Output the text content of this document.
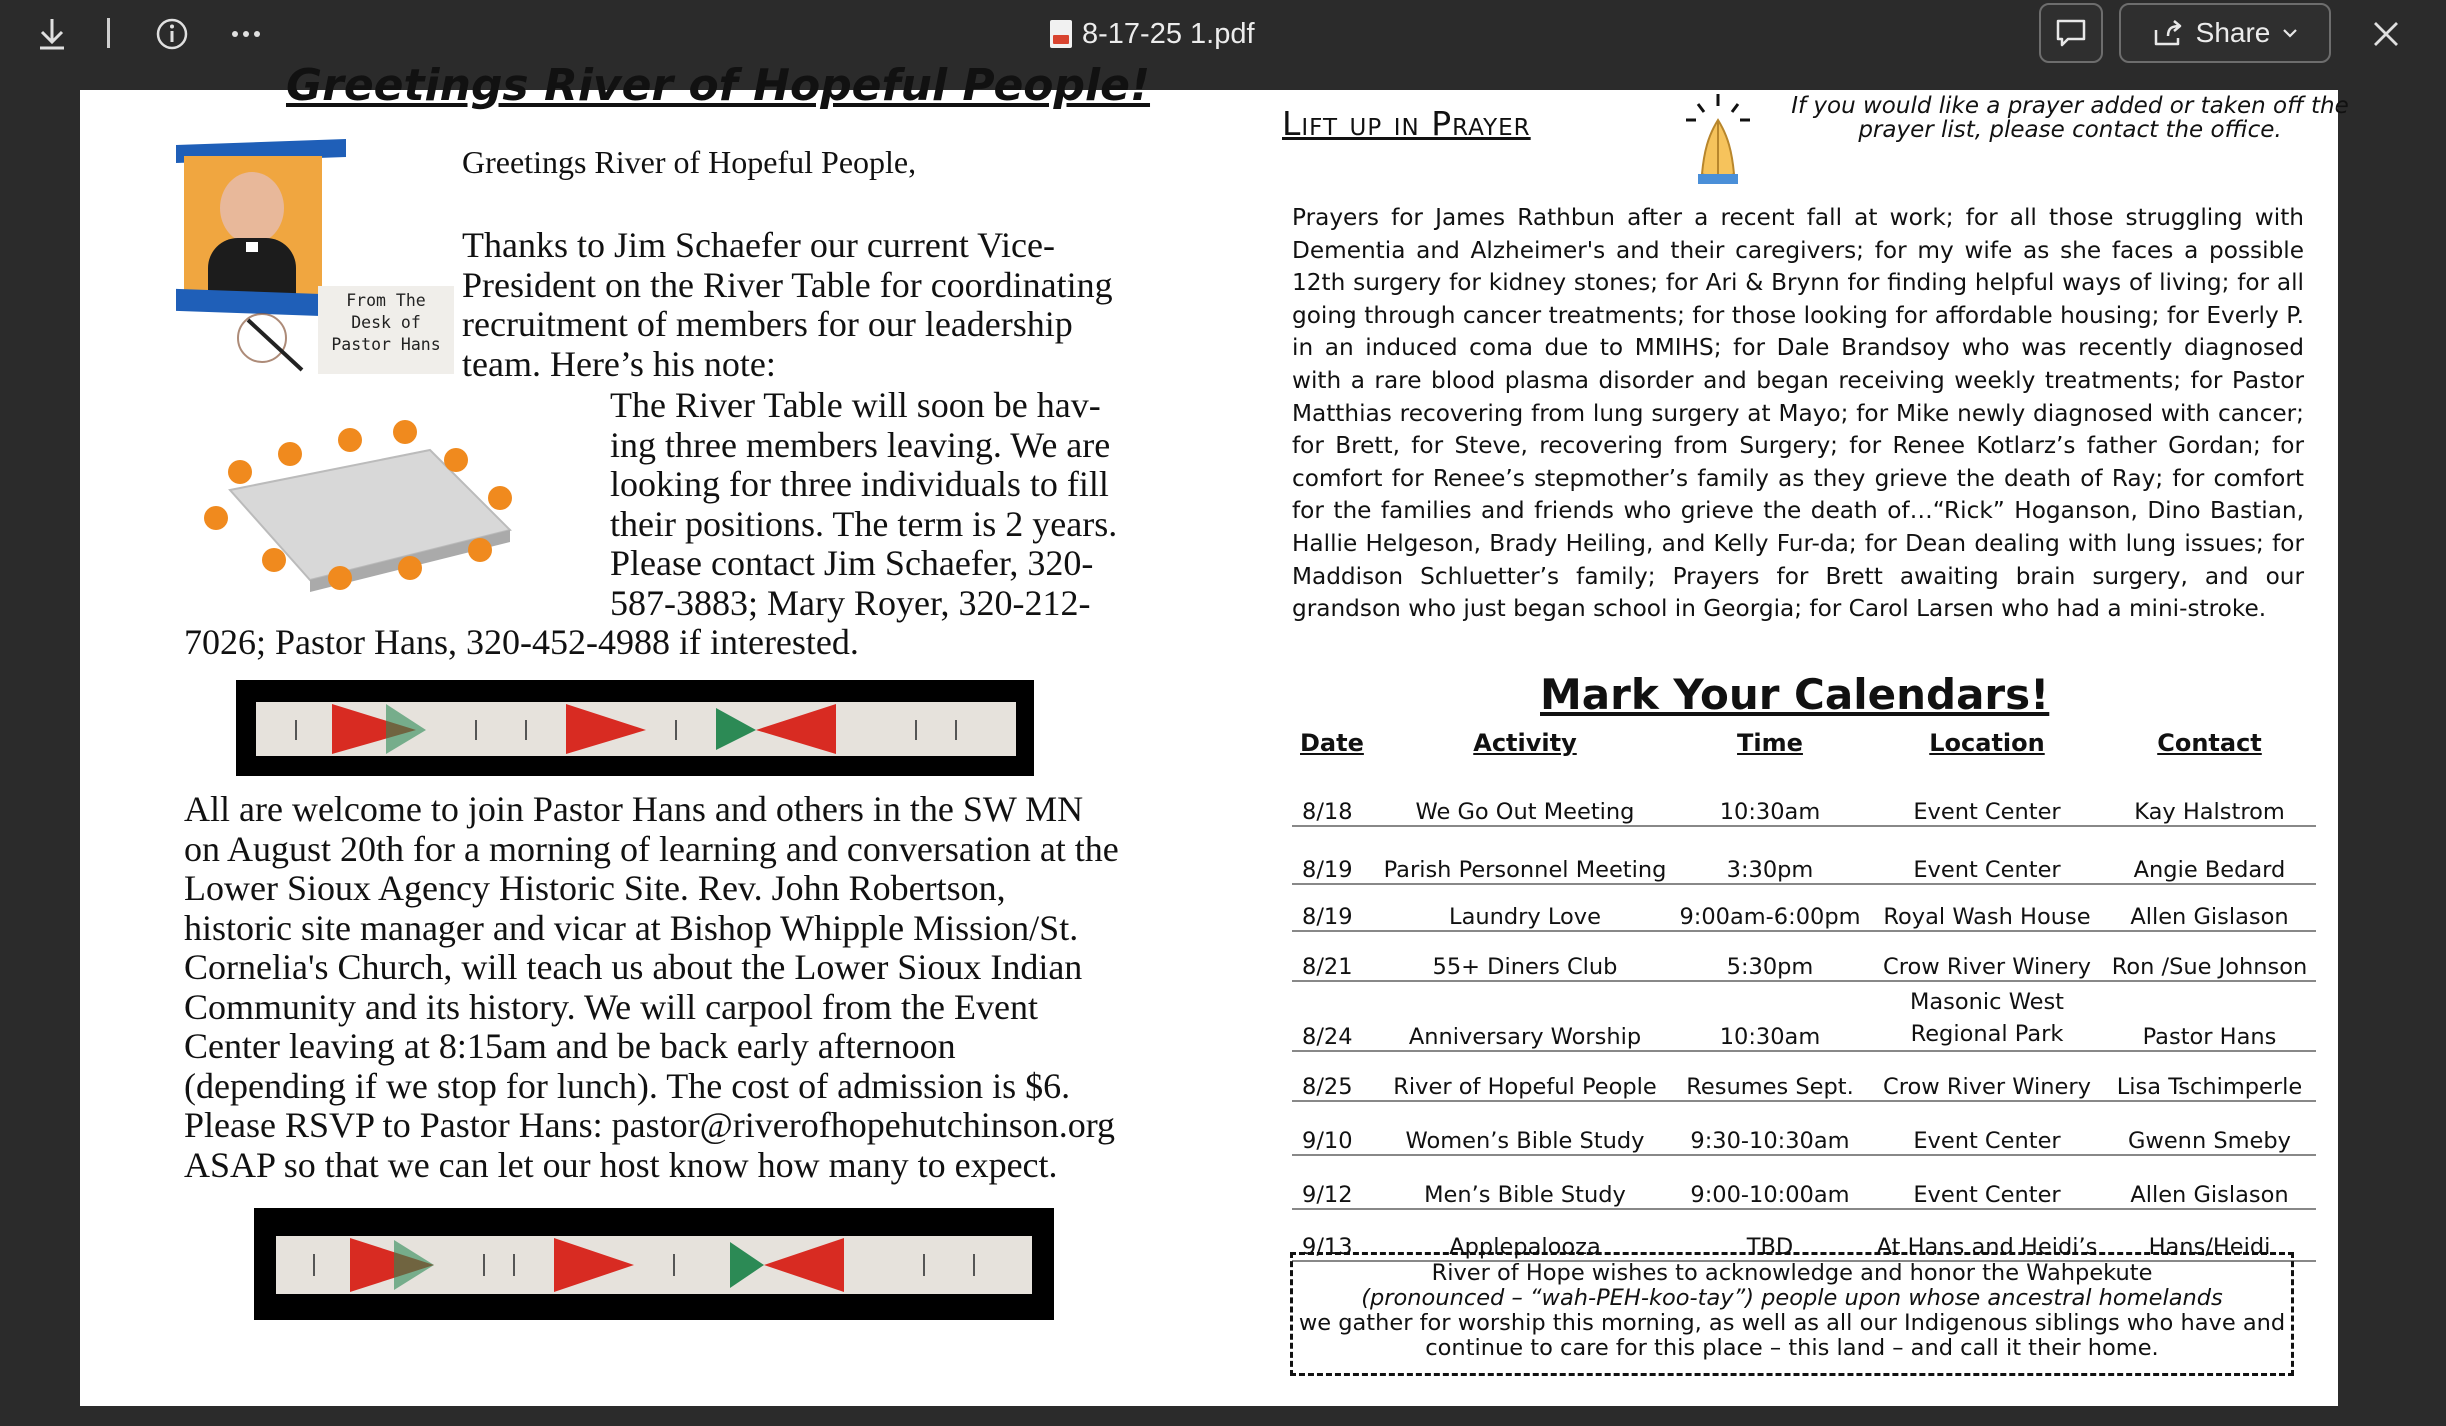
8-17-25 1.pdf	Share
Greetings River of Hopeful People!
From The
Desk of
Pastor Hans
Greetings River of Hopeful People,
Thanks to Jim Schaefer our current Vice-
President on the River Table for coordinating
recruitment of members for our leadership
team. Here’s his note:
The River Table will soon be hav-
ing three members leaving. We are
looking for three individuals to fill
their positions. The term is 2 years.
Please contact Jim Schaefer, 320-
587-3883; Mary Royer, 320-212-
7026; Pastor Hans, 320-452-4988 if interested.
All are welcome to join Pastor Hans and others in the SW MN
on August 20th for a morning of learning and conversation at the
Lower Sioux Agency Historic Site. Rev. John Robertson,
historic site manager and vicar at Bishop Whipple Mission/St.
Cornelia's Church, will teach us about the Lower Sioux Indian
Community and its history. We will carpool from the Event
Center leaving at 8:15am and be back early afternoon
(depending if we stop for lunch). The cost of admission is $6.
Please RSVP to Pastor Hans: pastor@riverofhopehutchinson.org
ASAP so that we can let our host know how many to expect.
Lift up in Prayer	If you would like a prayer added or taken off the
prayer list, please contact the office.

Prayers for James Rathbun after a recent fall at work; for all those struggling with Dementia and Alzheimer's and their caregivers; for my wife as she faces a possible 12th surgery for kidney stones; for Ari & Brynn for finding helpful ways of living; for all going through cancer treatments; for those looking for affordable housing; for Everly P. in an induced coma due to MMIHS; for Dale Brandsoy who was recently diagnosed with a rare blood plasma disorder and began receiving weekly treatments; for Pastor Matthias recovering from lung surgery at Mayo; for Mike newly diagnosed with cancer; for Brett, for Steve, recovering from Surgery; for Renee Kotlarz’s father Gordan; for comfort for Renee’s stepmother’s family as they grieve the death of Ray; for comfort for the families and friends who grieve the death of…“Rick” Hoganson, Dino Bastian, Hallie Helgeson, Brady Heiling, and Kelly Fur-da; for Dean dealing with lung issues; for Maddison Schluetter’s family; Prayers for Brett awaiting brain surgery, and our grandson who just began school in Georgia; for Carol Larsen who had a mini-stroke.

Mark Your Calendars!
Date	Activity	Time	Location	Contact
8/18	We Go Out Meeting	10:30am	Event Center	Kay Halstrom
8/19	Parish Personnel Meeting	3:30pm	Event Center	Angie Bedard
8/19	Laundry Love	9:00am-6:00pm	Royal Wash House	Allen Gislason
8/21	55+ Diners Club	5:30pm	Crow River Winery	Ron /Sue Johnson
8/24	Anniversary Worship	10:30am	Masonic West Regional Park	Pastor Hans
8/25	River of Hopeful People	Resumes Sept.	Crow River Winery	Lisa Tschimperle
9/10	Women’s Bible Study	9:30-10:30am	Event Center	Gwenn Smeby
9/12	Men’s Bible Study	9:00-10:00am	Event Center	Allen Gislason
9/13	Applepalooza	TBD	At Hans and Heidi’s	Hans/Heidi
River of Hope wishes to acknowledge and honor the Wahpekute
(pronounced – “wah-PEH-koo-tay”) people upon whose ancestral homelands
we gather for worship this morning, as well as all our Indigenous siblings who have and
continue to care for this place – this land – and call it their home.
